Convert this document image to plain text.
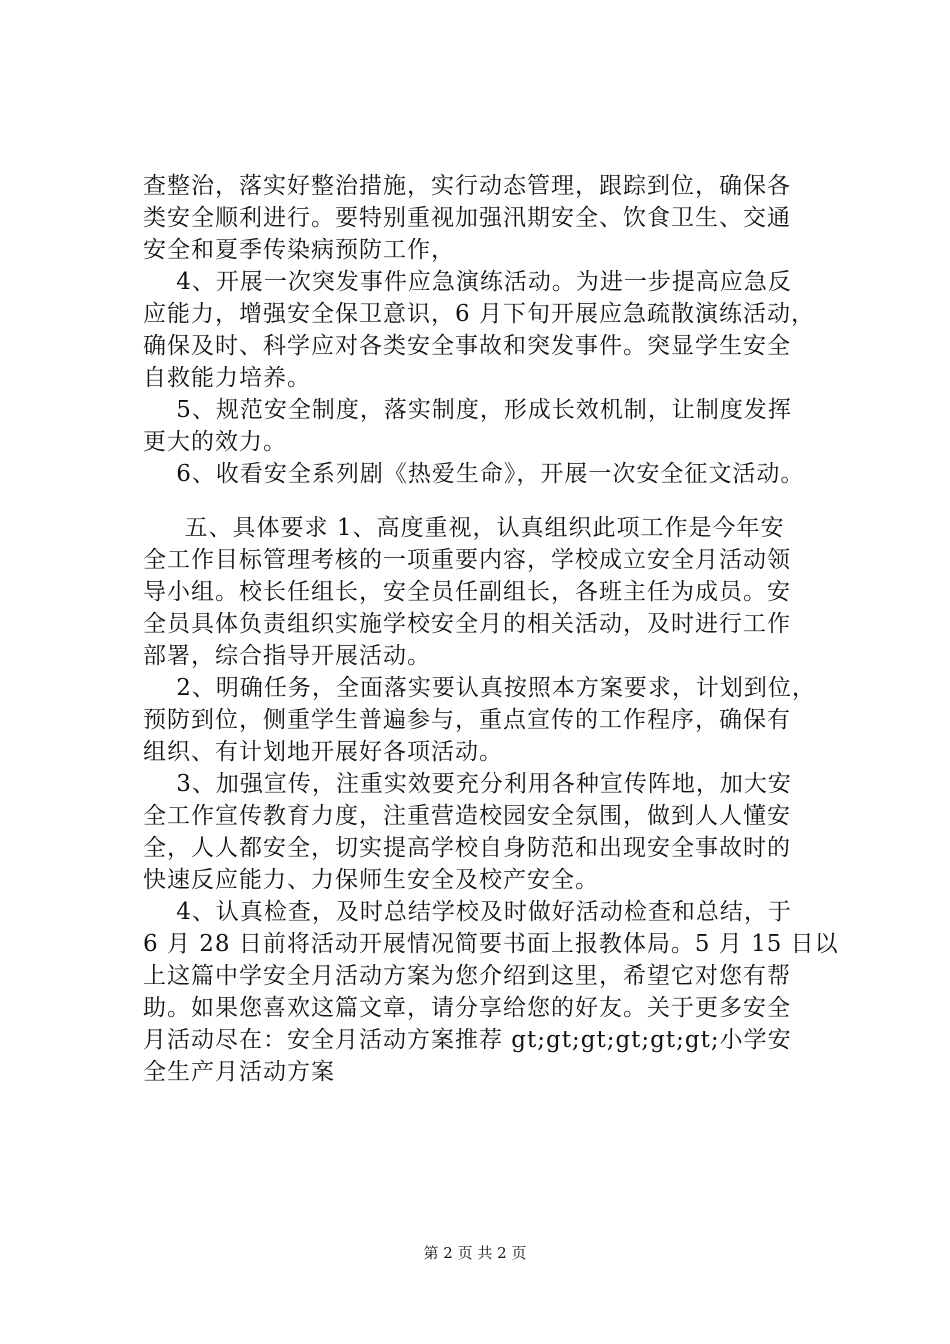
查整治，落实好整治措施，实行动态管理，跟踪到位，确保各
类安全顺利进行。要特别重视加强汛期安全、饮食卫生、交通
安全和夏季传染病预防工作，
4、开展一次突发事件应急演练活动。为进一步提高应急反
应能力，增强安全保卫意识，6 月下旬开展应急疏散演练活动，
确保及时、科学应对各类安全事故和突发事件。突显学生安全
自救能力培养。
5、规范安全制度，落实制度，形成长效机制，让制度发挥
更大的效力。
6、收看安全系列剧《热爱生命》，开展一次安全征文活动。
五、具体要求 1、高度重视，认真组织此项工作是今年安
全工作目标管理考核的一项重要内容，学校成立安全月活动领
导小组。校长任组长，安全员任副组长，各班主任为成员。安
全员具体负责组织实施学校安全月的相关活动，及时进行工作
部署，综合指导开展活动。
2、明确任务，全面落实要认真按照本方案要求，计划到位，
预防到位，侧重学生普遍参与，重点宣传的工作程序，确保有
组织、有计划地开展好各项活动。
3、加强宣传，注重实效要充分利用各种宣传阵地，加大安
全工作宣传教育力度，注重营造校园安全氛围，做到人人懂安
全，人人都安全，切实提高学校自身防范和出现安全事故时的
快速反应能力、力保师生安全及校产安全。
4、认真检查，及时总结学校及时做好活动检查和总结，于
6 月 28 日前将活动开展情况简要书面上报教体局。5 月 15 日以
上这篇中学安全月活动方案为您介绍到这里，希望它对您有帮
助。如果您喜欢这篇文章，请分享给您的好友。关于更多安全
月活动尽在：安全月活动方案推荐 gt;gt;gt;gt;gt;gt;小学安
全生产月活动方案
第 2 页 共 2 页
